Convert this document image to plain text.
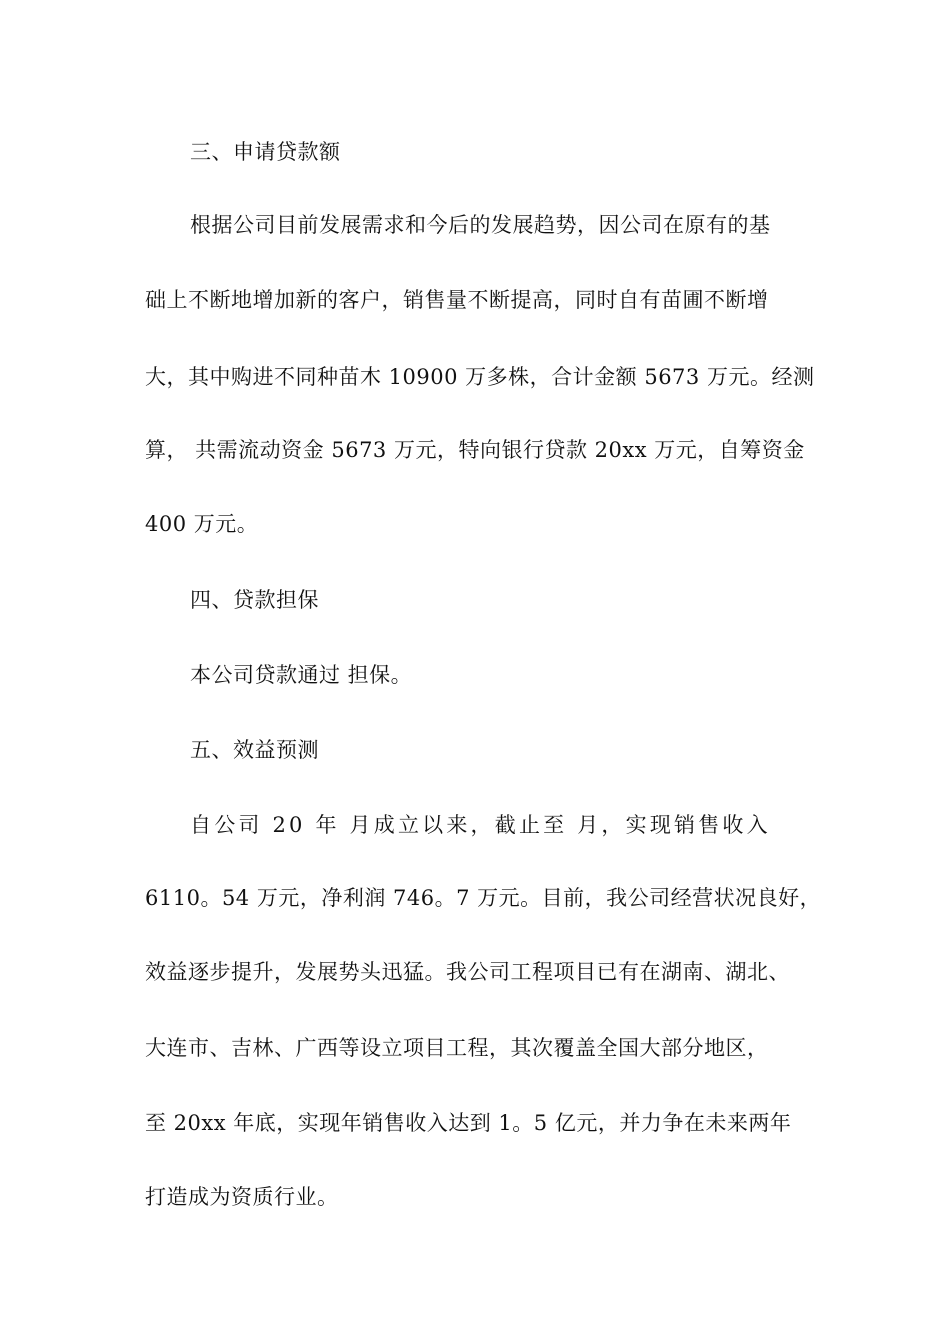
三、申请贷款额
根据公司目前发展需求和今后的发展趋势，因公司在原有的基
础上不断地增加新的客户，销售量不断提高，同时自有苗圃不断增
大，其中购进不同种苗木 10900 万多株，合计金额 5673 万元。经测
算， 共需流动资金 5673 万元，特向银行贷款 20xx 万元，自筹资金
400 万元。
四、贷款担保
本公司贷款通过 担保。
五、效益预测
自公司 20 年 月成立以来，截止至 月，实现销售收入
6110。54 万元，净利润 746。7 万元。目前，我公司经营状况良好，
效益逐步提升，发展势头迅猛。我公司工程项目已有在湖南、湖北、
大连市、吉林、广西等设立项目工程，其次覆盖全国大部分地区，
至 20xx 年底，实现年销售收入达到 1。5 亿元，并力争在未来两年
打造成为资质行业。
